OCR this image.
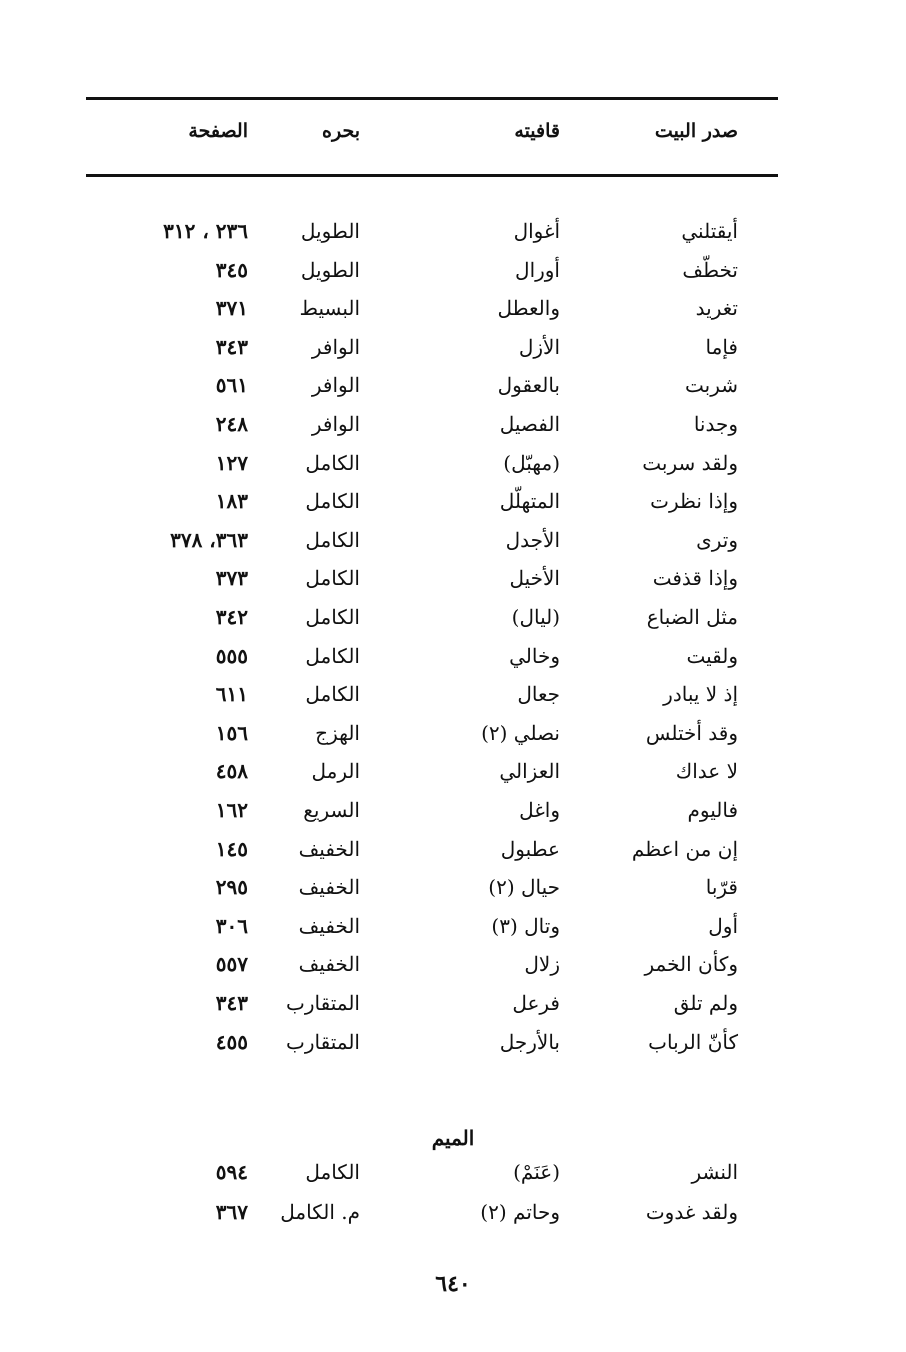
صدر البيت
قافيته
بحره
الصفحة
أيقتلني
أغوال
الطويل
٢٣٦ ، ٣١٢
تخطّف
أورال
الطويل
٣٤٥
تغريد
والعطل
البسيط
٣٧١
فإما
الأزل
الوافر
٣٤٣
شربت
بالعقول
الوافر
٥٦١
وجدنا
الفصيل
الوافر
٢٤٨
ولقد سربت
(مهبّل)
الكامل
١٢٧
وإذا نظرت
المتهلّل
الكامل
١٨٣
وترى
الأجدل
الكامل
٣٦٣، ٣٧٨
وإذا قذفت
الأخيل
الكامل
٣٧٣
مثل الضباع
(ليال)
الكامل
٣٤٢
ولقيت
وخالي
الكامل
٥٥٥
إذ لا يبادر
جعال
الكامل
٦١١
وقد أختلس
نصلي (٢)
الهزج
١٥٦
لا عداك
العزالي
الرمل
٤٥٨
فاليوم
واغل
السريع
١٦٢
إن من اعظم
عطبول
الخفيف
١٤٥
قرّبا
حيال (٢)
الخفيف
٢٩٥
أول
وتال (٣)
الخفيف
٣٠٦
وكأن الخمر
زلال
الخفيف
٥٥٧
ولم تلق
فرعل
المتقارب
٣٤٣
كأنّ الرباب
بالأرجل
المتقارب
٤٥٥
الميم
النشر
(عَنَمْ)
الكامل
٥٩٤
ولقد غدوت
وحاتم (٢)
م. الكامل
٣٦٧
٦٤٠
